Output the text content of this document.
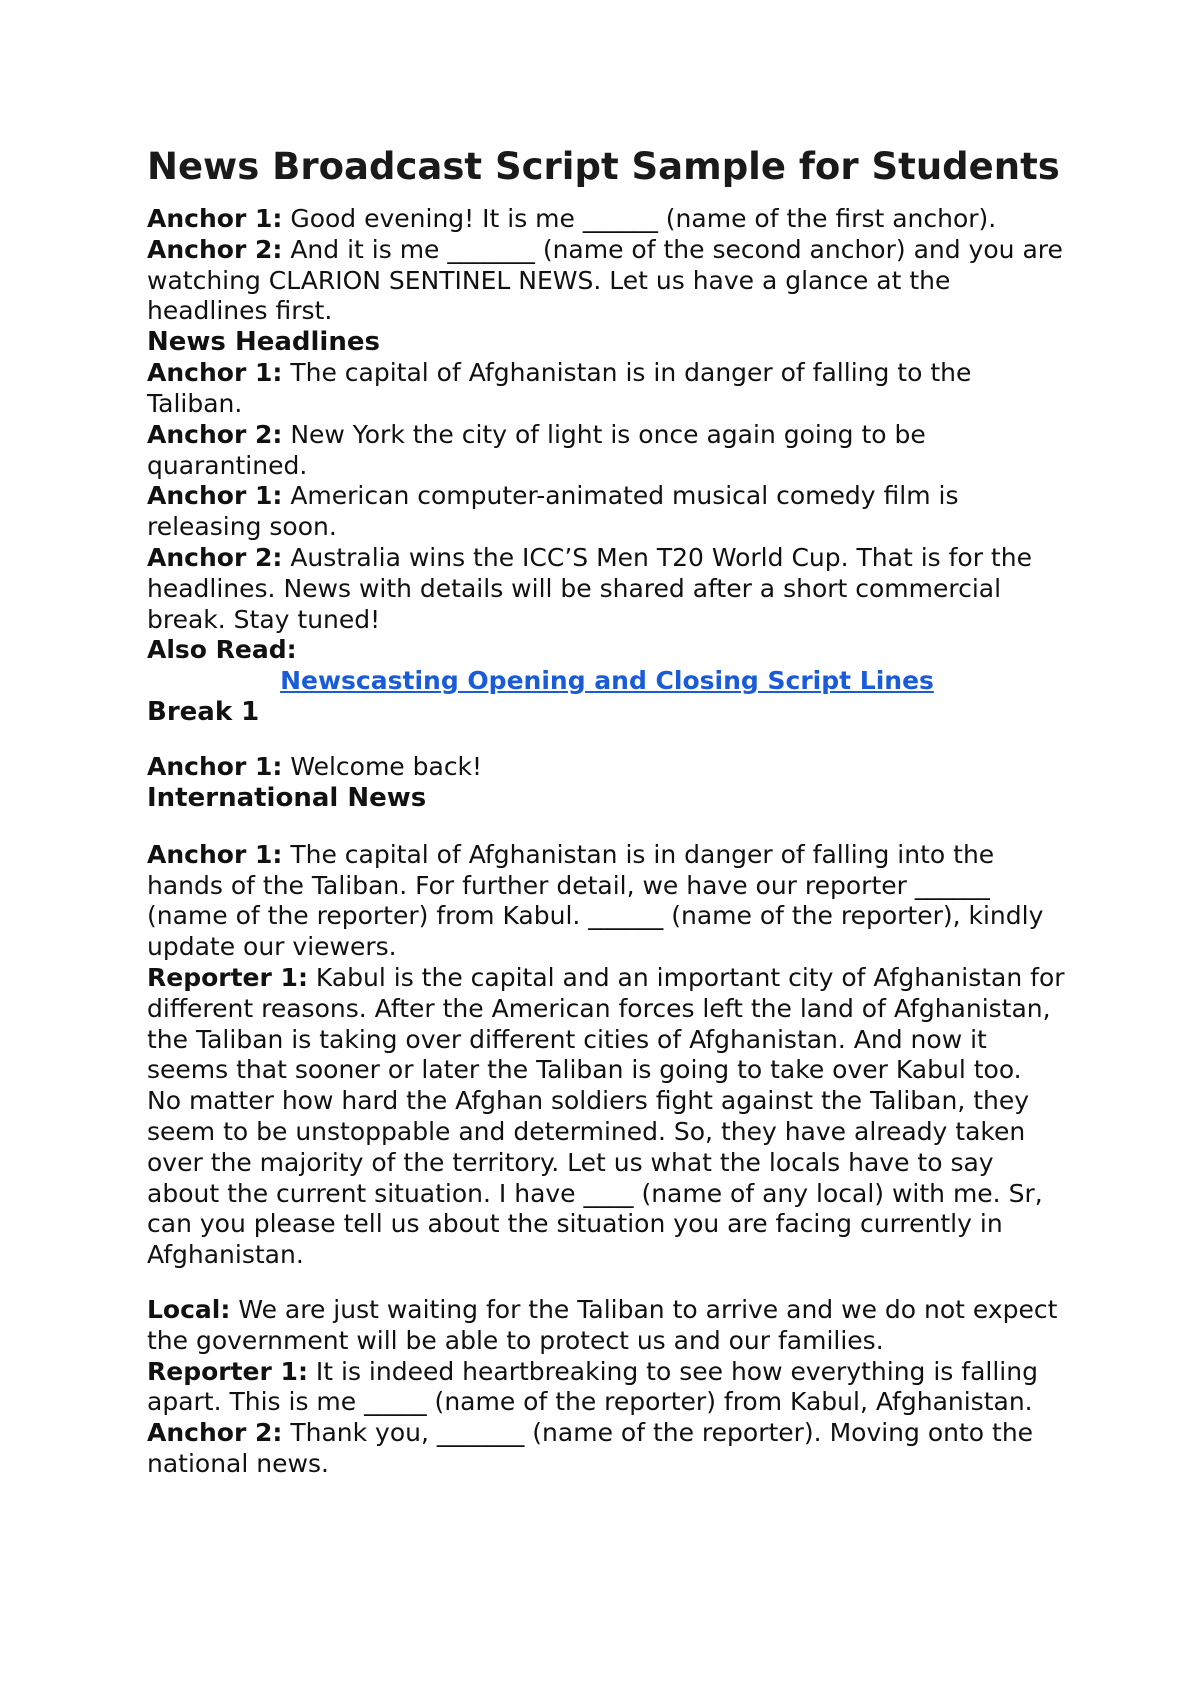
News Broadcast Script Sample for Students

Anchor 1: Good evening! It is me ______ (name of the first anchor).

Anchor 2: And it is me _______ (name of the second anchor) and you are watching CLARION SENTINEL NEWS. Let us have a glance at the headlines first.

News Headlines

Anchor 1: The capital of Afghanistan is in danger of falling to the Taliban.

Anchor 2: New York the city of light is once again going to be quarantined.

Anchor 1: American computer-animated musical comedy film is releasing soon.

Anchor 2: Australia wins the ICC’S Men T20 World Cup. That is for the headlines. News with details will be shared after a short commercial break. Stay tuned!

Also Read:

Newscasting Opening and Closing Script Lines

Break 1

Anchor 1: Welcome back!

International News

Anchor 1: The capital of Afghanistan is in danger of falling into the hands of the Taliban. For further detail, we have our reporter ______ (name of the reporter) from Kabul. ______ (name of the reporter), kindly update our viewers.

Reporter 1: Kabul is the capital and an important city of Afghanistan for different reasons. After the American forces left the land of Afghanistan, the Taliban is taking over different cities of Afghanistan. And now it seems that sooner or later the Taliban is going to take over Kabul too.

No matter how hard the Afghan soldiers fight against the Taliban, they seem to be unstoppable and determined. So, they have already taken over the majority of the territory. Let us what the locals have to say about the current situation. I have ____ (name of any local) with me. Sr, can you please tell us about the situation you are facing currently in Afghanistan.

Local: We are just waiting for the Taliban to arrive and we do not expect the government will be able to protect us and our families.

Reporter 1: It is indeed heartbreaking to see how everything is falling apart. This is me _____ (name of the reporter) from Kabul, Afghanistan.

Anchor 2: Thank you, _______ (name of the reporter). Moving onto the national news.
